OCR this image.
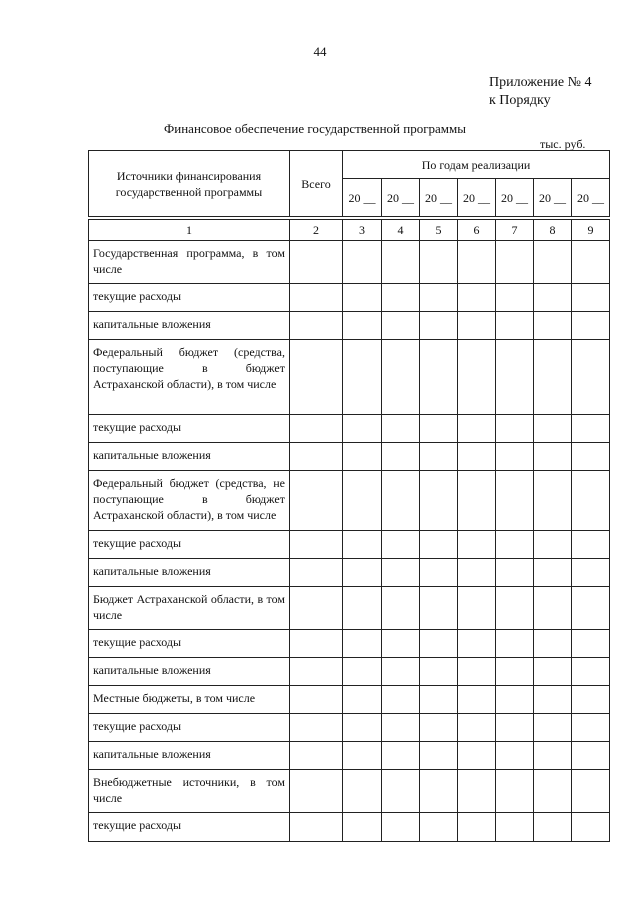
44
Приложение № 4
к Порядку
Финансовое обеспечение государственной программы
тыс. руб.
Источники финансирования государственной программы	Всего	По годам реализации						
		20 __	20 __	20 __	20 __	20 __	20 __	20 __
1	2	3	4	5	6	7	8	9
Государственная программа, в том числе								
текущие расходы								
капитальные вложения								
Федеральный бюджет (средства, поступающие в бюджет Астраханской области), в том числе								
текущие расходы								
капитальные вложения								
Федеральный бюджет (средства, не поступающие в бюджет Астраханской области), в том числе								
текущие расходы								
капитальные вложения								
Бюджет Астраханской области, в том числе								
текущие расходы								
капитальные вложения								
Местные бюджеты, в том числе								
текущие расходы								
капитальные вложения								
Внебюджетные источники, в том числе								
текущие расходы								
